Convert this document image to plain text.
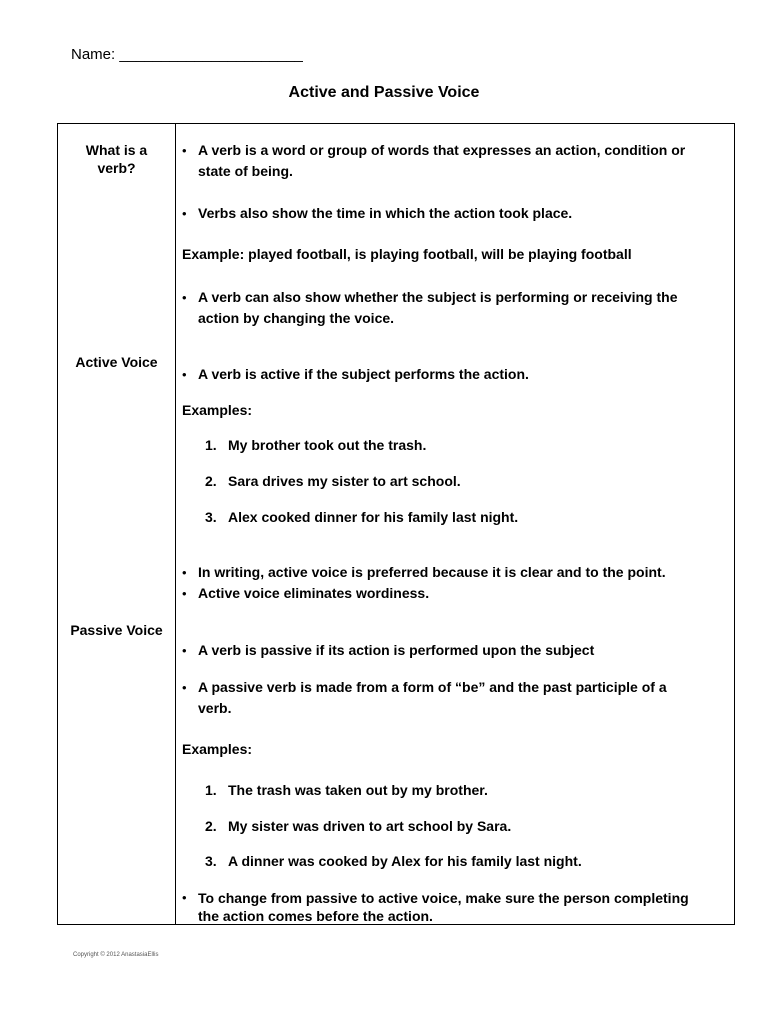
Name: ______________________
Active and Passive Voice
What is a
verb?
Active Voice
Passive Voice
• A verb is a word or group of words that expresses an action, condition or
state of being.
• Verbs also show the time in which the action took place.
Example: played football, is playing football, will be playing football
• A verb can also show whether the subject is performing or receiving the
action by changing the voice.
• A verb is active if the subject performs the action.
Examples:
1. My brother took out the trash.
2. Sara drives my sister to art school.
3. Alex cooked dinner for his family last night.
• In writing, active voice is preferred because it is clear and to the point.
• Active voice eliminates wordiness.
• A verb is passive if its action is performed upon the subject
• A passive verb is made from a form of “be” and the past participle of a
verb.
Examples:
1. The trash was taken out by my brother.
2. My sister was driven to art school by Sara.
3. A dinner was cooked by Alex for his family last night.
• To change from passive to active voice, make sure the person completing
the action comes before the action.
Copyright © 2012 AnastasiaEllis
